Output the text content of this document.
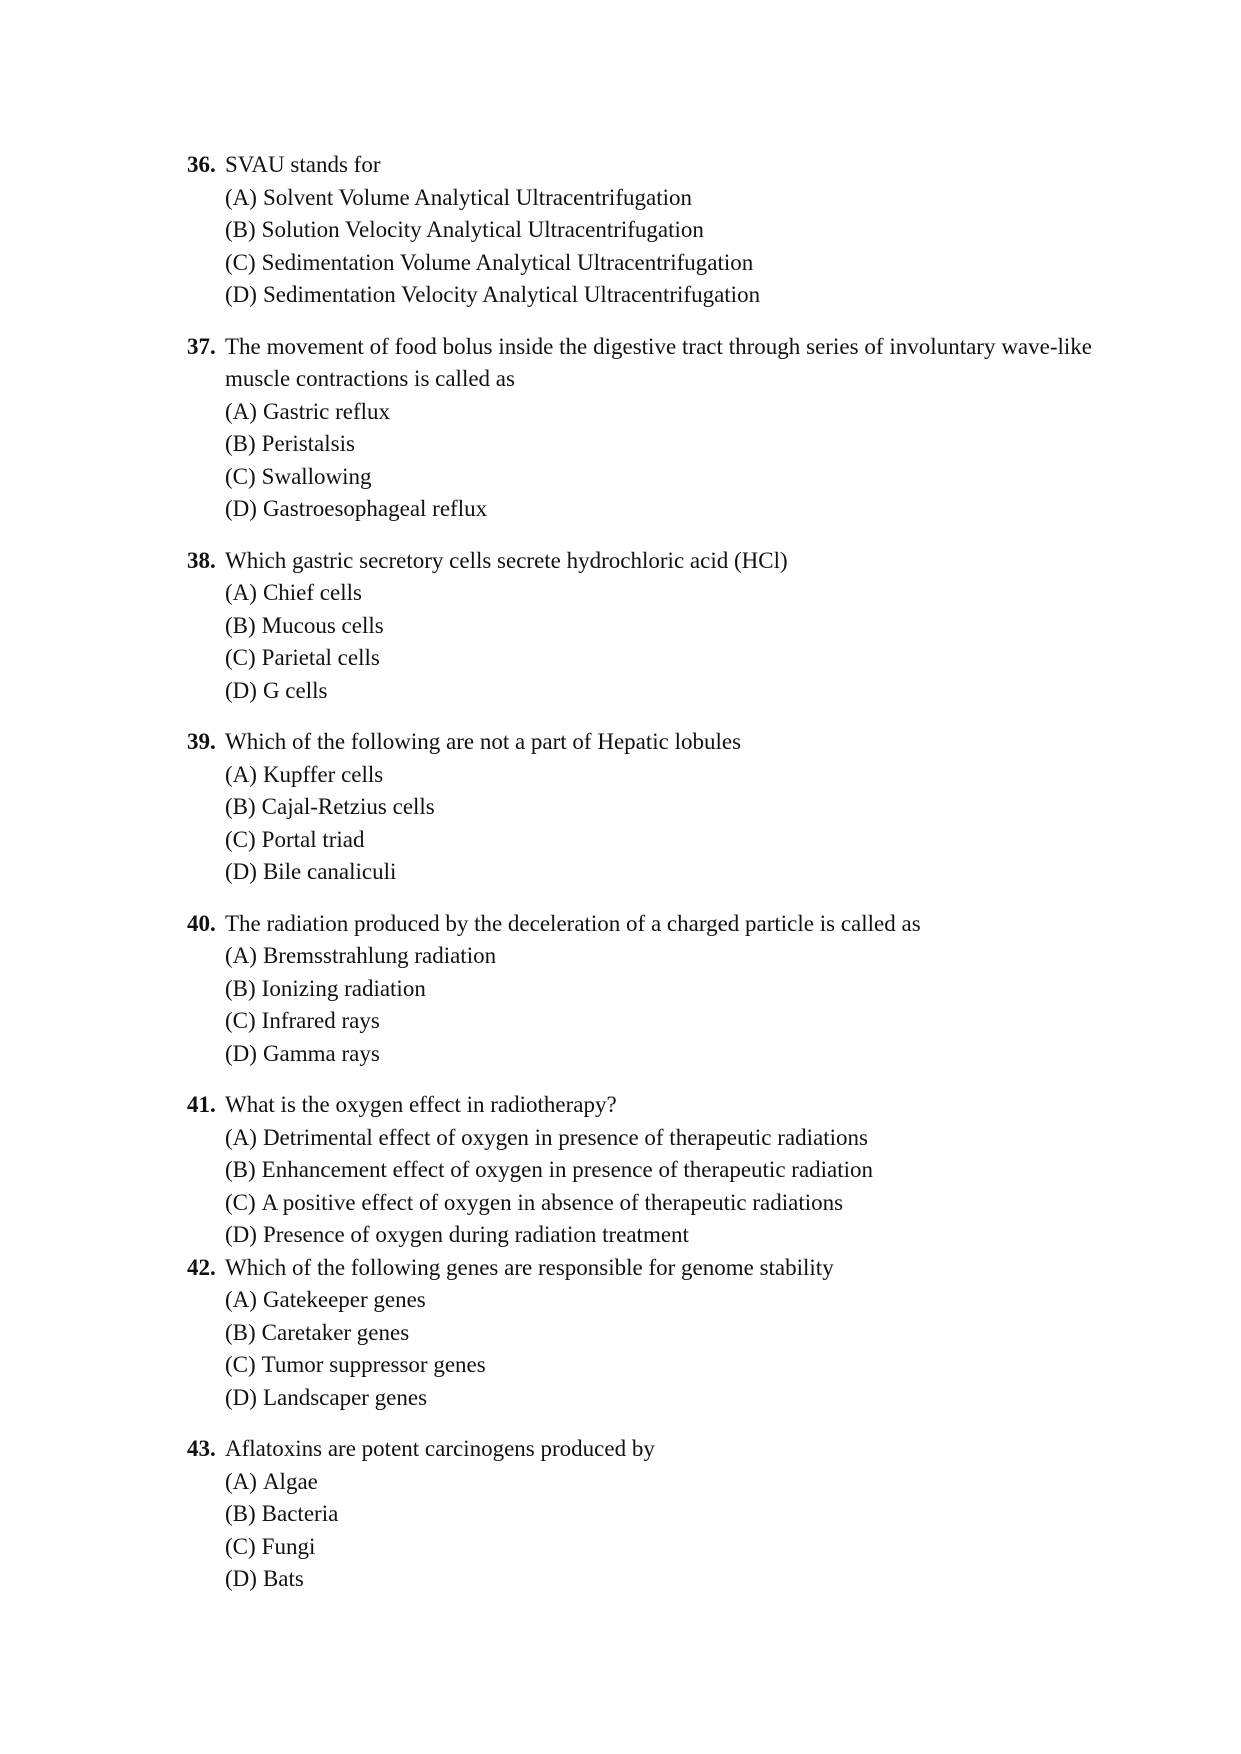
36. SVAU stands for
(A) Solvent Volume Analytical Ultracentrifugation
(B) Solution Velocity Analytical Ultracentrifugation
(C) Sedimentation Volume Analytical Ultracentrifugation
(D) Sedimentation Velocity Analytical Ultracentrifugation
37. The movement of food bolus inside the digestive tract through series of involuntary wave-like muscle contractions is called as
(A) Gastric reflux
(B) Peristalsis
(C) Swallowing
(D) Gastroesophageal reflux
38. Which gastric secretory cells secrete hydrochloric acid (HCl)
(A) Chief cells
(B) Mucous cells
(C) Parietal cells
(D) G cells
39. Which of the following are not a part of Hepatic lobules
(A) Kupffer cells
(B) Cajal-Retzius cells
(C) Portal triad
(D) Bile canaliculi
40. The radiation produced by the deceleration of a charged particle is called as
(A) Bremsstrahlung radiation
(B) Ionizing radiation
(C) Infrared rays
(D) Gamma rays
41. What is the oxygen effect in radiotherapy?
(A) Detrimental effect of oxygen in presence of therapeutic radiations
(B) Enhancement effect of oxygen in presence of therapeutic radiation
(C) A positive effect of oxygen in absence of therapeutic radiations
(D) Presence of oxygen during radiation treatment
42. Which of the following genes are responsible for genome stability
(A) Gatekeeper genes
(B) Caretaker genes
(C) Tumor suppressor genes
(D) Landscaper genes
43. Aflatoxins are potent carcinogens produced by
(A) Algae
(B) Bacteria
(C) Fungi
(D) Bats
